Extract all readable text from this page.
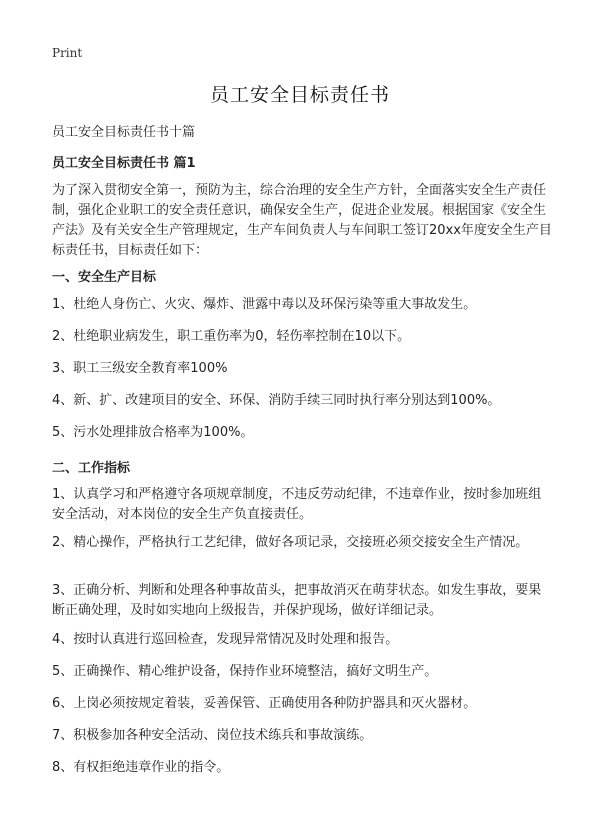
Print
员工安全目标责任书
员工安全目标责任书十篇
员工安全目标责任书 篇1

为了深入贯彻安全第一，预防为主，综合治理的安全生产方针，全面落实安全生产责任制，强化企业职工的安全责任意识，确保安全生产，促进企业发展。根据国家《安全生产法》及有关安全生产管理规定，生产车间负责人与车间职工签订20xx年度安全生产目标责任书，目标责任如下：

一、安全生产目标

1、杜绝人身伤亡、火灾、爆炸、泄露中毒以及环保污染等重大事故发生。

2、杜绝职业病发生，职工重伤率为0，轻伤率控制在10以下。

3、职工三级安全教育率100%

4、新、扩、改建项目的安全、环保、消防手续三同时执行率分别达到100%。

5、污水处理排放合格率为100%。

二、工作指标

1、认真学习和严格遵守各项规章制度，不违反劳动纪律，不违章作业，按时参加班组安全活动，对本岗位的安全生产负直接责任。

2、精心操作，严格执行工艺纪律，做好各项记录，交接班必须交接安全生产情况。

3、正确分析、判断和处理各种事故苗头，把事故消灭在萌芽状态。如发生事故，要果断正确处理，及时如实地向上级报告，并保护现场，做好详细记录。

4、按时认真进行巡回检查，发现异常情况及时处理和报告。

5、正确操作、精心维护设备，保持作业环境整洁，搞好文明生产。

6、上岗必须按规定着装，妥善保管、正确使用各种防护器具和灭火器材。

7、积极参加各种安全活动、岗位技术练兵和事故演练。

8、有权拒绝违章作业的指令。
